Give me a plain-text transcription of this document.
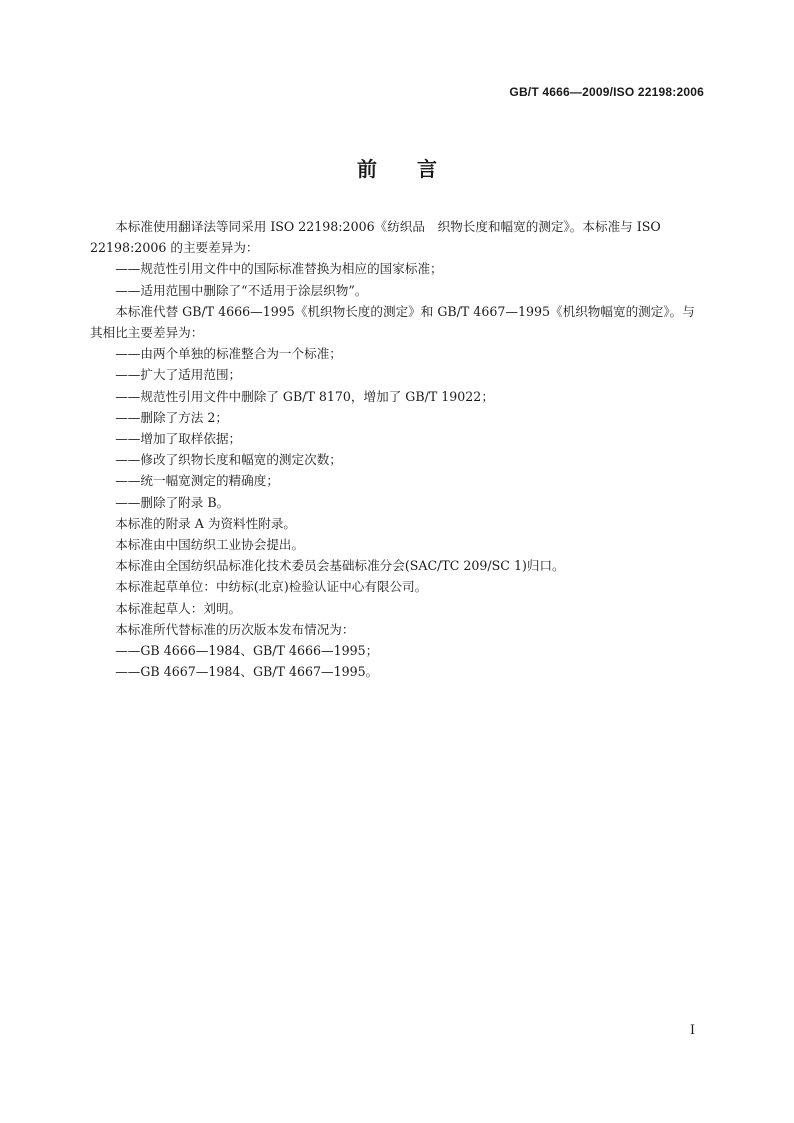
GB/T 4666—2009/ISO 22198:2006
前言

本标准使用翻译法等同采用 ISO 22198:2006《纺织品　织物长度和幅宽的测定》。本标准与 ISO 22198:2006 的主要差异为：

——规范性引用文件中的国际标准替换为相应的国家标准；

——适用范围中删除了“不适用于涂层织物”。

本标准代替 GB/T 4666—1995《机织物长度的测定》和 GB/T 4667—1995《机织物幅宽的测定》。与其相比主要差异为：

——由两个单独的标准整合为一个标准；

——扩大了适用范围；

——规范性引用文件中删除了 GB/T 8170，增加了 GB/T 19022；

——删除了方法 2；

——增加了取样依据；

——修改了织物长度和幅宽的测定次数；

——统一幅宽测定的精确度；

——删除了附录 B。

本标准的附录 A 为资料性附录。

本标准由中国纺织工业协会提出。

本标准由全国纺织品标准化技术委员会基础标准分会(SAC/TC 209/SC 1)归口。

本标准起草单位：中纺标(北京)检验认证中心有限公司。

本标准起草人：刘明。

本标准所代替标准的历次版本发布情况为：

——GB 4666—1984、GB/T 4666—1995；

——GB 4667—1984、GB/T 4667—1995。

I
